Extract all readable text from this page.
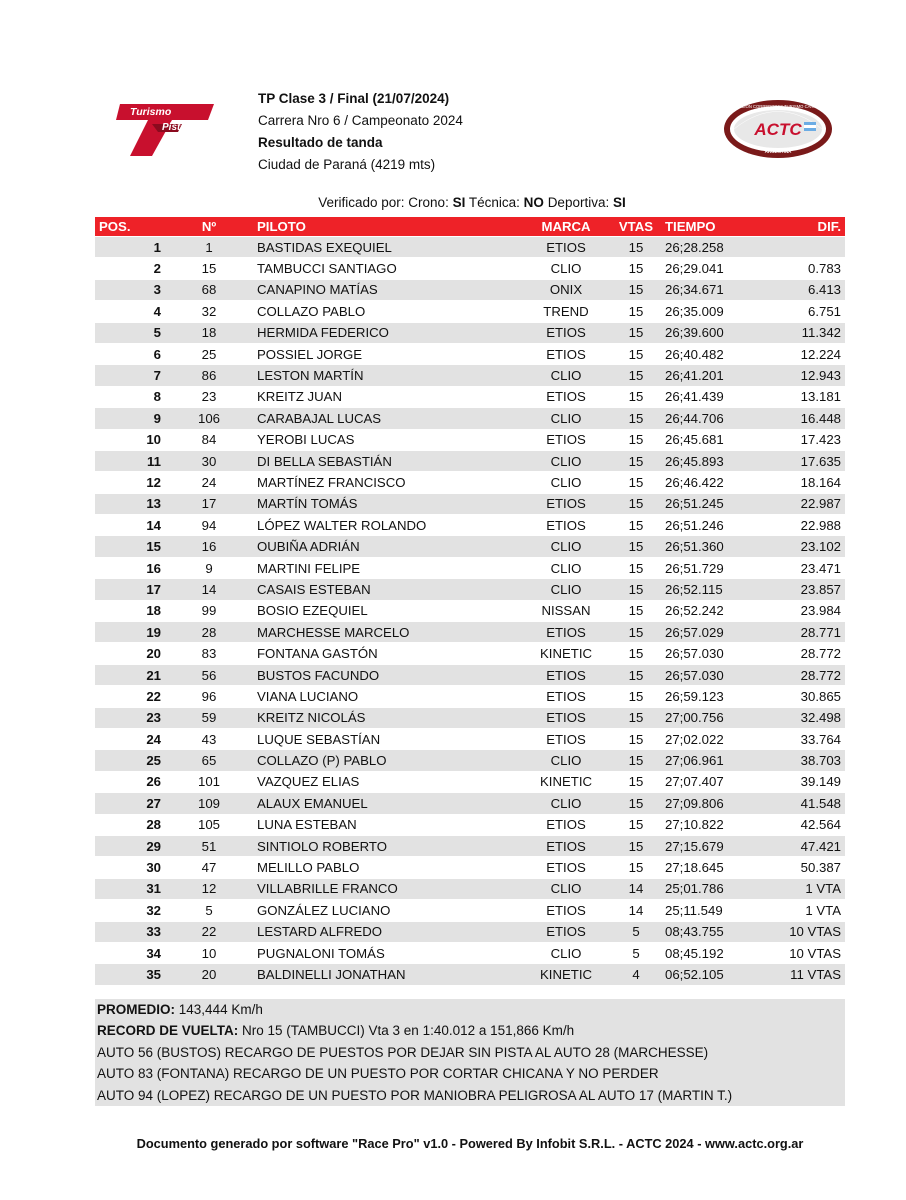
Turismo
Pista
ASOCIACION CORREDORES TURISMO CARRETERA
ACTC
ARGENTINA
TP Clase 3 / Final (21/07/2024)
Carrera Nro 6 / Campeonato 2024
Resultado de tanda
Ciudad de Paraná (4219 mts)
Verificado por: Crono: SI Técnica: NO Deportiva: SI
POS.	Nº	PILOTO	MARCA	VTAS	TIEMPO	DIF.
1	1	BASTIDAS EXEQUIEL	ETIOS	15	26;28.258	
2	15	TAMBUCCI SANTIAGO	CLIO	15	26;29.041	0.783
3	68	CANAPINO MATÍAS	ONIX	15	26;34.671	6.413
4	32	COLLAZO PABLO	TREND	15	26;35.009	6.751
5	18	HERMIDA FEDERICO	ETIOS	15	26;39.600	11.342
6	25	POSSIEL JORGE	ETIOS	15	26;40.482	12.224
7	86	LESTON MARTÍN	CLIO	15	26;41.201	12.943
8	23	KREITZ JUAN	ETIOS	15	26;41.439	13.181
9	106	CARABAJAL LUCAS	CLIO	15	26;44.706	16.448
10	84	YEROBI LUCAS	ETIOS	15	26;45.681	17.423
11	30	DI BELLA SEBASTIÁN	CLIO	15	26;45.893	17.635
12	24	MARTÍNEZ FRANCISCO	CLIO	15	26;46.422	18.164
13	17	MARTÍN TOMÁS	ETIOS	15	26;51.245	22.987
14	94	LÓPEZ WALTER ROLANDO	ETIOS	15	26;51.246	22.988
15	16	OUBIÑA ADRIÁN	CLIO	15	26;51.360	23.102
16	9	MARTINI FELIPE	CLIO	15	26;51.729	23.471
17	14	CASAIS ESTEBAN	CLIO	15	26;52.115	23.857
18	99	BOSIO EZEQUIEL	NISSAN	15	26;52.242	23.984
19	28	MARCHESSE MARCELO	ETIOS	15	26;57.029	28.771
20	83	FONTANA GASTÓN	KINETIC	15	26;57.030	28.772
21	56	BUSTOS FACUNDO	ETIOS	15	26;57.030	28.772
22	96	VIANA LUCIANO	ETIOS	15	26;59.123	30.865
23	59	KREITZ NICOLÁS	ETIOS	15	27;00.756	32.498
24	43	LUQUE SEBASTÍAN	ETIOS	15	27;02.022	33.764
25	65	COLLAZO (P) PABLO	CLIO	15	27;06.961	38.703
26	101	VAZQUEZ ELIAS	KINETIC	15	27;07.407	39.149
27	109	ALAUX EMANUEL	CLIO	15	27;09.806	41.548
28	105	LUNA ESTEBAN	ETIOS	15	27;10.822	42.564
29	51	SINTIOLO ROBERTO	ETIOS	15	27;15.679	47.421
30	47	MELILLO PABLO	ETIOS	15	27;18.645	50.387
31	12	VILLABRILLE FRANCO	CLIO	14	25;01.786	1 VTA
32	5	GONZÁLEZ LUCIANO	ETIOS	14	25;11.549	1 VTA
33	22	LESTARD ALFREDO	ETIOS	5	08;43.755	10 VTAS
34	10	PUGNALONI TOMÁS	CLIO	5	08;45.192	10 VTAS
35	20	BALDINELLI JONATHAN	KINETIC	4	06;52.105	11 VTAS
PROMEDIO: 143,444 Km/h
RECORD DE VUELTA: Nro 15 (TAMBUCCI) Vta 3 en 1:40.012 a 151,866 Km/h
AUTO 56 (BUSTOS) RECARGO DE PUESTOS POR DEJAR SIN PISTA AL AUTO 28 (MARCHESSE)
AUTO 83 (FONTANA) RECARGO DE UN PUESTO POR CORTAR CHICANA Y NO PERDER
AUTO 94 (LOPEZ) RECARGO DE UN PUESTO POR MANIOBRA PELIGROSA AL AUTO 17 (MARTIN T.)
Documento generado por software "Race Pro" v1.0 - Powered By Infobit S.R.L. - ACTC 2024 - www.actc.org.ar
